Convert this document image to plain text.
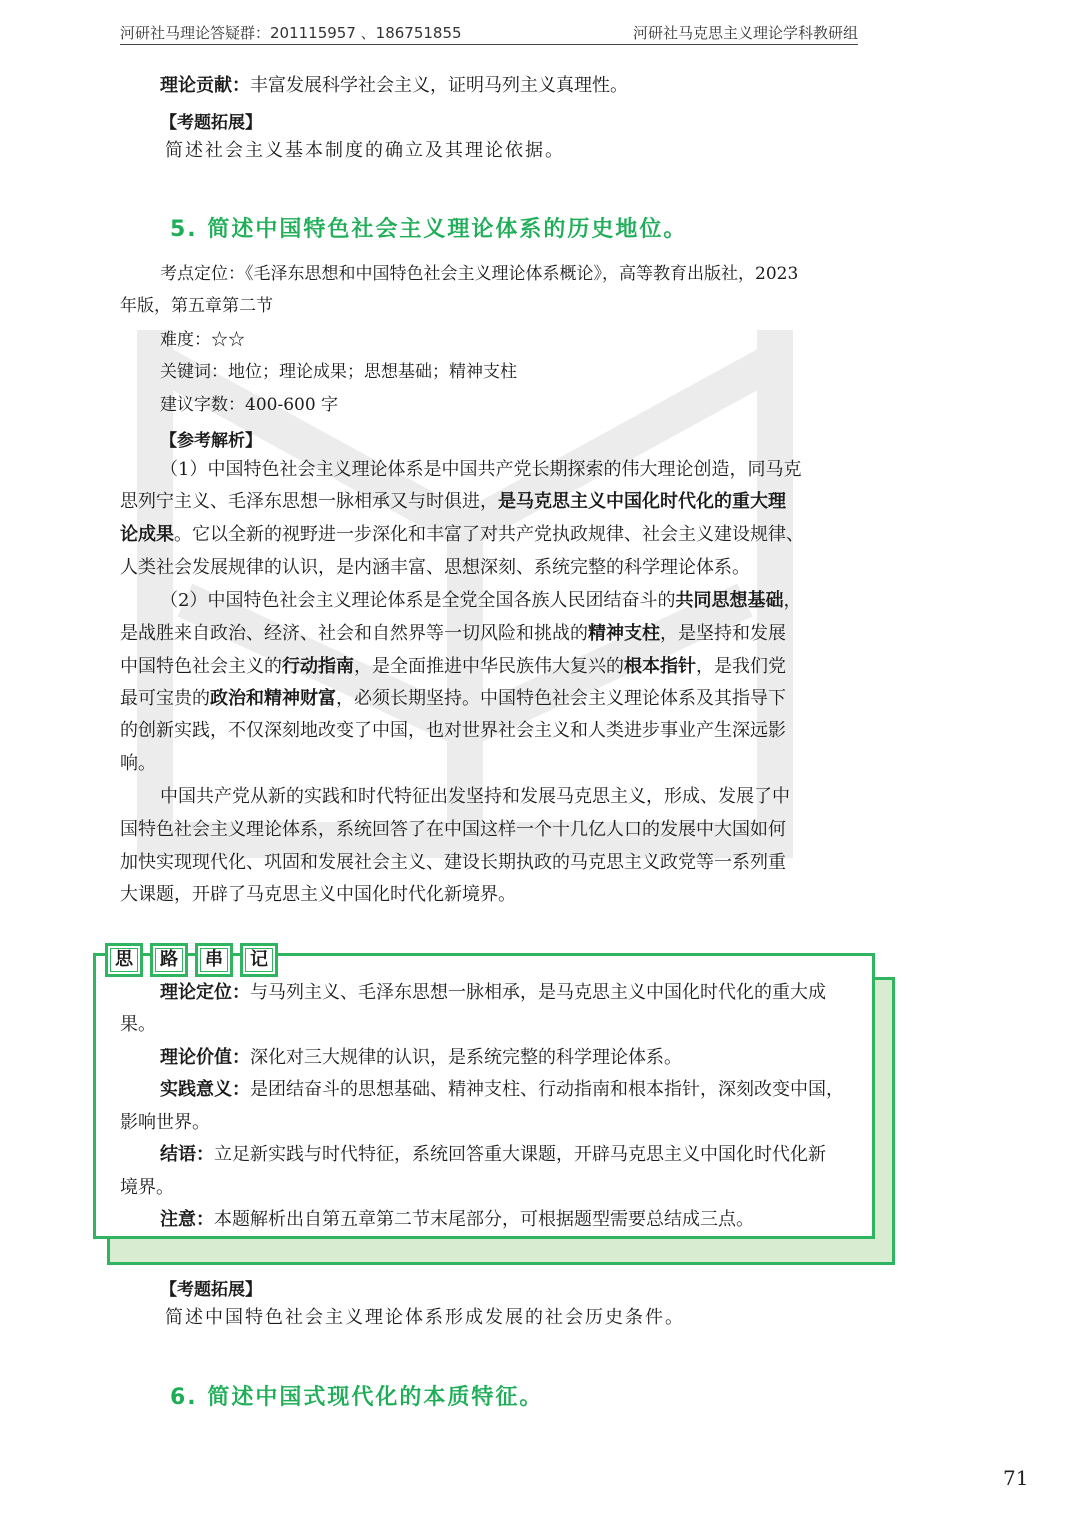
河研社马理论答疑群：201115957 、186751855	河研社马克思主义理论学科教研组
理论贡献：丰富发展科学社会主义，证明马列主义真理性。
【考题拓展】
简述社会主义基本制度的确立及其理论依据。
5. 简述中国特色社会主义理论体系的历史地位。
考点定位：《毛泽东思想和中国特色社会主义理论体系概论》，高等教育出版社，2023
年版，第五章第二节
难度：☆☆
关键词：地位；理论成果；思想基础；精神支柱
建议字数：400-600 字
【参考解析】
（1）中国特色社会主义理论体系是中国共产党长期探索的伟大理论创造，同马克
思列宁主义、毛泽东思想一脉相承又与时俱进，是马克思主义中国化时代化的重大理
论成果。它以全新的视野进一步深化和丰富了对共产党执政规律、社会主义建设规律、
人类社会发展规律的认识，是内涵丰富、思想深刻、系统完整的科学理论体系。
（2）中国特色社会主义理论体系是全党全国各族人民团结奋斗的共同思想基础，
是战胜来自政治、经济、社会和自然界等一切风险和挑战的精神支柱，是坚持和发展
中国特色社会主义的行动指南，是全面推进中华民族伟大复兴的根本指针，是我们党
最可宝贵的政治和精神财富，必须长期坚持。中国特色社会主义理论体系及其指导下
的创新实践，不仅深刻地改变了中国，也对世界社会主义和人类进步事业产生深远影
响。
中国共产党从新的实践和时代特征出发坚持和发展马克思主义，形成、发展了中
国特色社会主义理论体系，系统回答了在中国这样一个十几亿人口的发展中大国如何
加快实现现代化、巩固和发展社会主义、建设长期执政的马克思主义政党等一系列重
大课题，开辟了马克思主义中国化时代化新境界。
思	路	串	记
理论定位：与马列主义、毛泽东思想一脉相承，是马克思主义中国化时代化的重大成
果。
理论价值：深化对三大规律的认识，是系统完整的科学理论体系。
实践意义：是团结奋斗的思想基础、精神支柱、行动指南和根本指针，深刻改变中国，
影响世界。
结语：立足新实践与时代特征，系统回答重大课题，开辟马克思主义中国化时代化新
境界。
注意：本题解析出自第五章第二节末尾部分，可根据题型需要总结成三点。
【考题拓展】
简述中国特色社会主义理论体系形成发展的社会历史条件。
6. 简述中国式现代化的本质特征。
71
